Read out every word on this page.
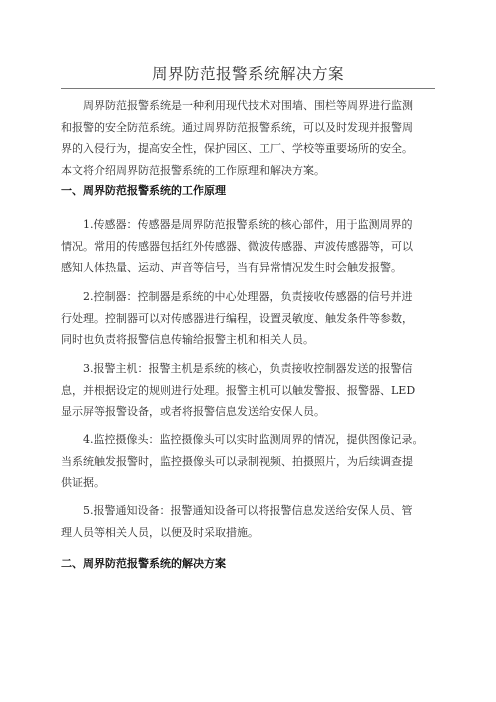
周界防范报警系统解决方案
周界防范报警系统是一种利用现代技术对围墙、围栏等周界进行监测
和报警的安全防范系统。通过周界防范报警系统，可以及时发现并报警周
界的入侵行为，提高安全性，保护园区、工厂、学校等重要场所的安全。
本文将介绍周界防范报警系统的工作原理和解决方案。
一、周界防范报警系统的工作原理
1.传感器：传感器是周界防范报警系统的核心部件，用于监测周界的
情况。常用的传感器包括红外传感器、微波传感器、声波传感器等，可以
感知人体热量、运动、声音等信号，当有异常情况发生时会触发报警。
2.控制器：控制器是系统的中心处理器，负责接收传感器的信号并进
行处理。控制器可以对传感器进行编程，设置灵敏度、触发条件等参数，
同时也负责将报警信息传输给报警主机和相关人员。
3.报警主机：报警主机是系统的核心，负责接收控制器发送的报警信
息，并根据设定的规则进行处理。报警主机可以触发警报、报警器、LED
显示屏等报警设备，或者将报警信息发送给安保人员。
4.监控摄像头：监控摄像头可以实时监测周界的情况，提供图像记录。
当系统触发报警时，监控摄像头可以录制视频、拍摄照片，为后续调查提
供证据。
5.报警通知设备：报警通知设备可以将报警信息发送给安保人员、管
理人员等相关人员，以便及时采取措施。
二、周界防范报警系统的解决方案
